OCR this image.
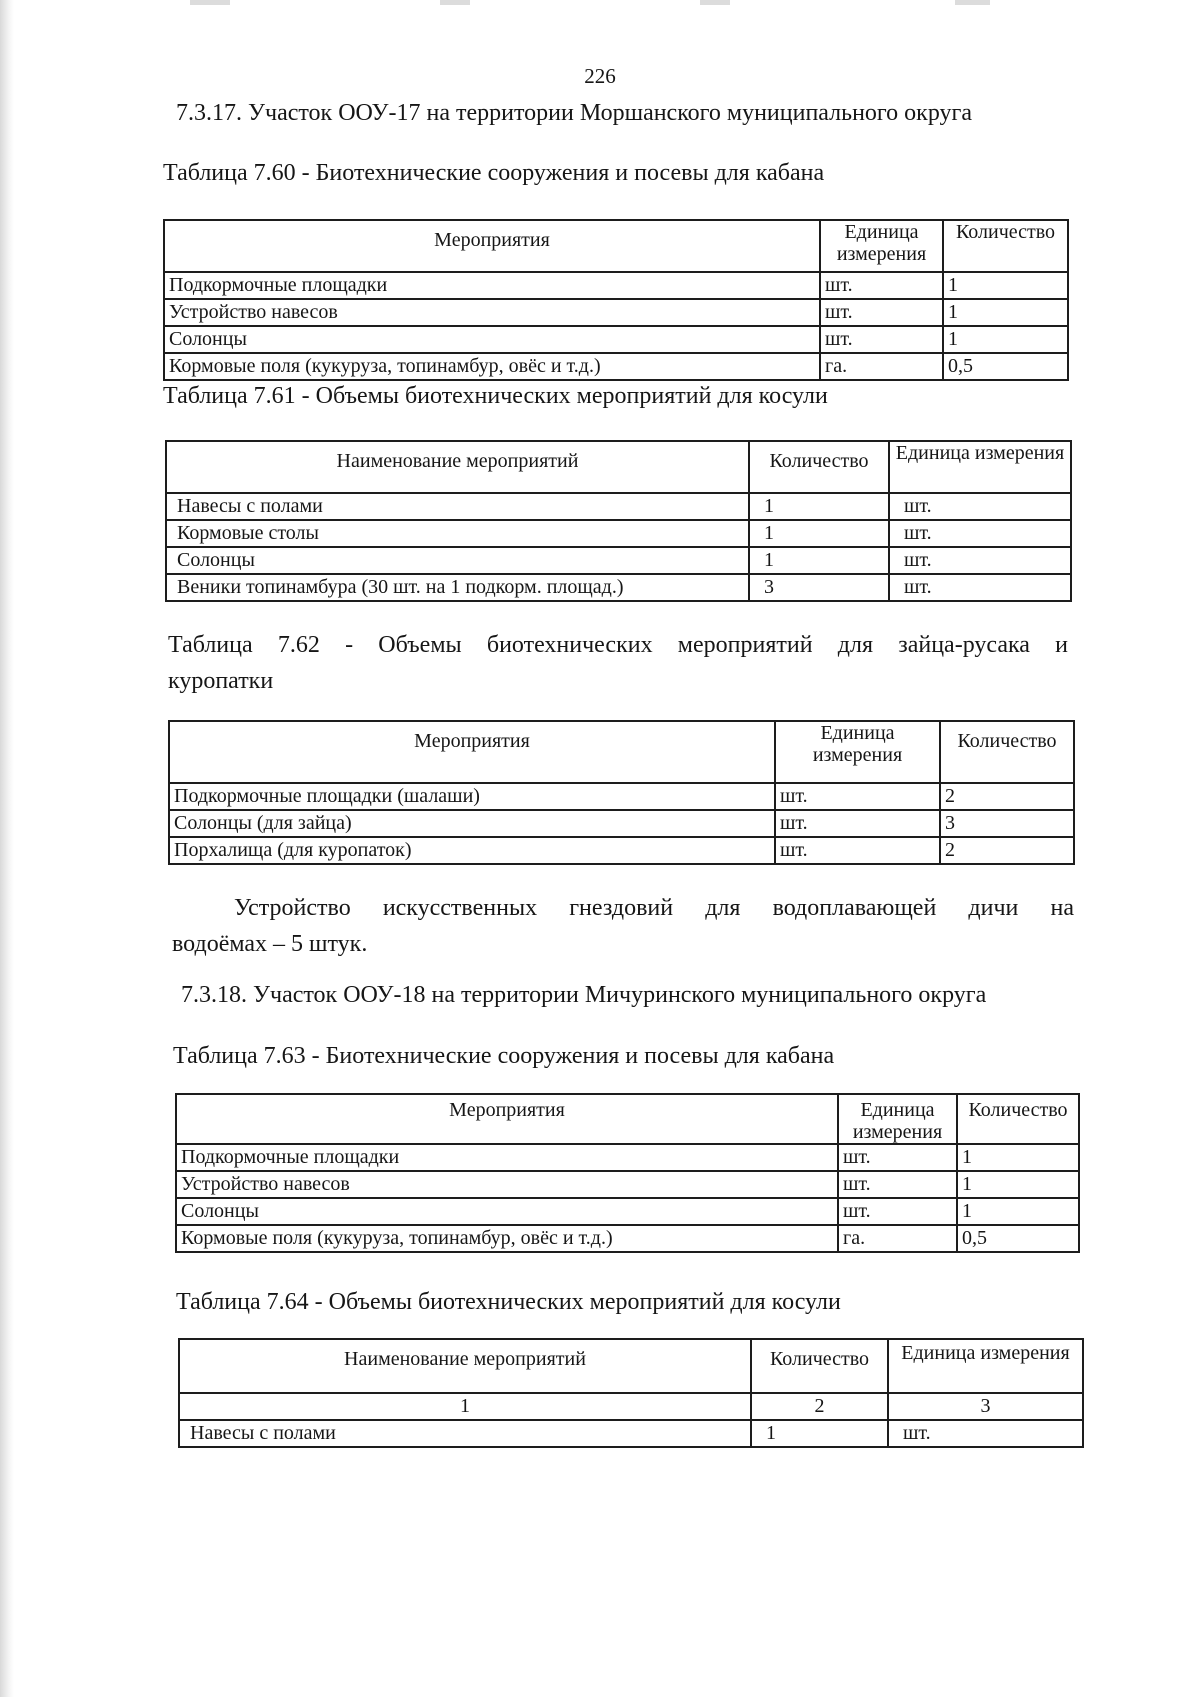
226
7.3.17. Участок ООУ-17 на территории Моршанского муниципального округа

Таблица 7.60 - Биотехнические сооружения и посевы для кабана

Мероприятия	Единица измерения	Количество
Подкормочные площадки	шт.	1
Устройство навесов	шт.	1
Солонцы	шт.	1
Кормовые поля (кукуруза, топинамбур, овёс и т.д.)	га.	0,5

Таблица 7.61 - Объемы биотехнических мероприятий для косули

Наименование мероприятий	Количество	Единица измерения
Навесы с полами	1	шт.
Кормовые столы	1	шт.
Солонцы	1	шт.
Веники топинамбура (30 шт. на 1 подкорм. площад.)	3	шт.

Таблица 7.62 - Объемы биотехнических мероприятий для зайца-русака и
куропатки

Мероприятия	Единица измерения	Количество
Подкормочные площадки (шалаши)	шт.	2
Солонцы (для зайца)	шт.	3
Порхалища (для куропаток)	шт.	2

Устройство искусственных гнездовий для водоплавающей дичи на
водоёмах – 5 штук.

7.3.18. Участок ООУ-18 на территории Мичуринского муниципального округа

Таблица 7.63 - Биотехнические сооружения и посевы для кабана

Мероприятия	Единица измерения	Количество
Подкормочные площадки	шт.	1
Устройство навесов	шт.	1
Солонцы	шт.	1
Кормовые поля (кукуруза, топинамбур, овёс и т.д.)	га.	0,5

Таблица 7.64 - Объемы биотехнических мероприятий для косули

Наименование мероприятий	Количество	Единица измерения
1	2	3
Навесы с полами	1	шт.
